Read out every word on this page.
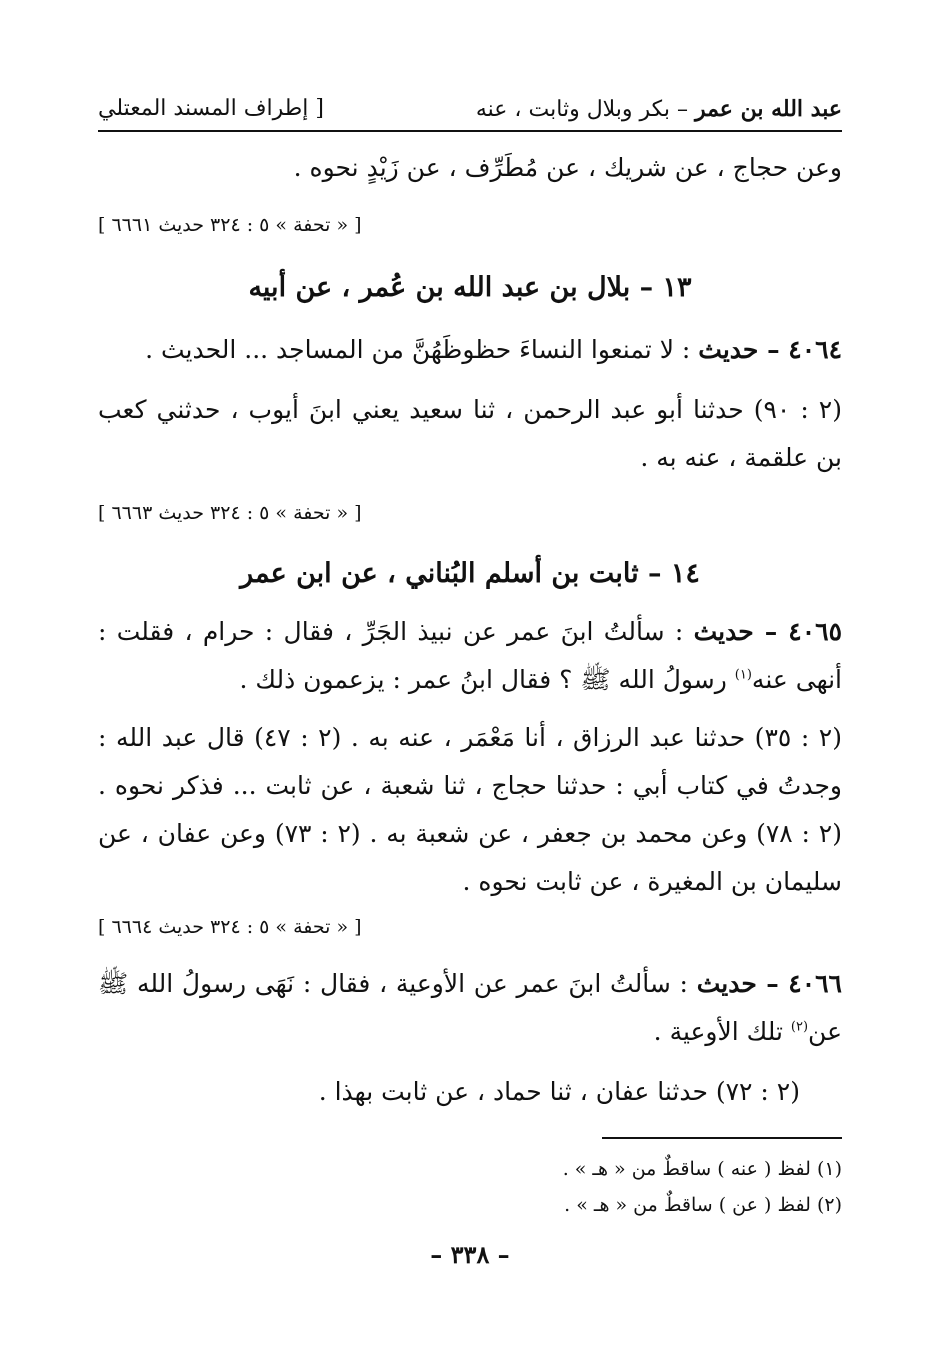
عبد الله بن عمر – بكر وبلال وثابت ، عنه
[ إطراف المسند المعتلي
وعن حجاج ، عن شريك ، عن مُطَرِّف ، عن زَيْدٍ نحوه .
[ « تحفة » ٥ : ٣٢٤ حديث ٦٦٦١ ]
١٣ – بلال بن عبد الله بن عُمر ، عن أبيه
٤٠٦٤ – حديث : لا تمنعوا النساءَ حظوظَهُنَّ من المساجد ... الحديث .
(٢ : ٩٠) حدثنا أبو عبد الرحمن ، ثنا سعيد يعني ابنَ أيوب ، حدثني كعب بن علقمة ، عنه به .
[ « تحفة » ٥ : ٣٢٤ حديث ٦٦٦٣ ]
١٤ – ثابت بن أسلم البُناني ، عن ابن عمر
٤٠٦٥ – حديث : سألتُ ابنَ عمر عن نبيذ الجَرِّ ، فقال : حرام ، فقلت : أنهى عنه$^{(١)}$ رسولُ الله ﷺ ؟ فقال ابنُ عمر : يزعمون ذلك .
(٢ : ٣٥) حدثنا عبد الرزاق ، أنا مَعْمَر ، عنه به . (٢ : ٤٧) قال عبد الله : وجدتُ في كتاب أبي : حدثنا حجاج ، ثنا شعبة ، عن ثابت ... فذكر نحوه . (٢ : ٧٨) وعن محمد بن جعفر ، عن شعبة به . (٢ : ٧٣) وعن عفان ، عن سليمان بن المغيرة ، عن ثابت نحوه .
[ « تحفة » ٥ : ٣٢٤ حديث ٦٦٦٤ ]
٤٠٦٦ – حديث : سألتُ ابنَ عمر عن الأوعية ، فقال : نَهَى رسولُ الله ﷺ عن$^{(٢)}$ تلك الأوعية .
(٢ : ٧٢) حدثنا عفان ، ثنا حماد ، عن ثابت بهذا .
(١) لفظ ( عنه ) ساقطٌ من « هـ » .
(٢) لفظ ( عن ) ساقطٌ من « هـ » .
– ٣٣٨ –
